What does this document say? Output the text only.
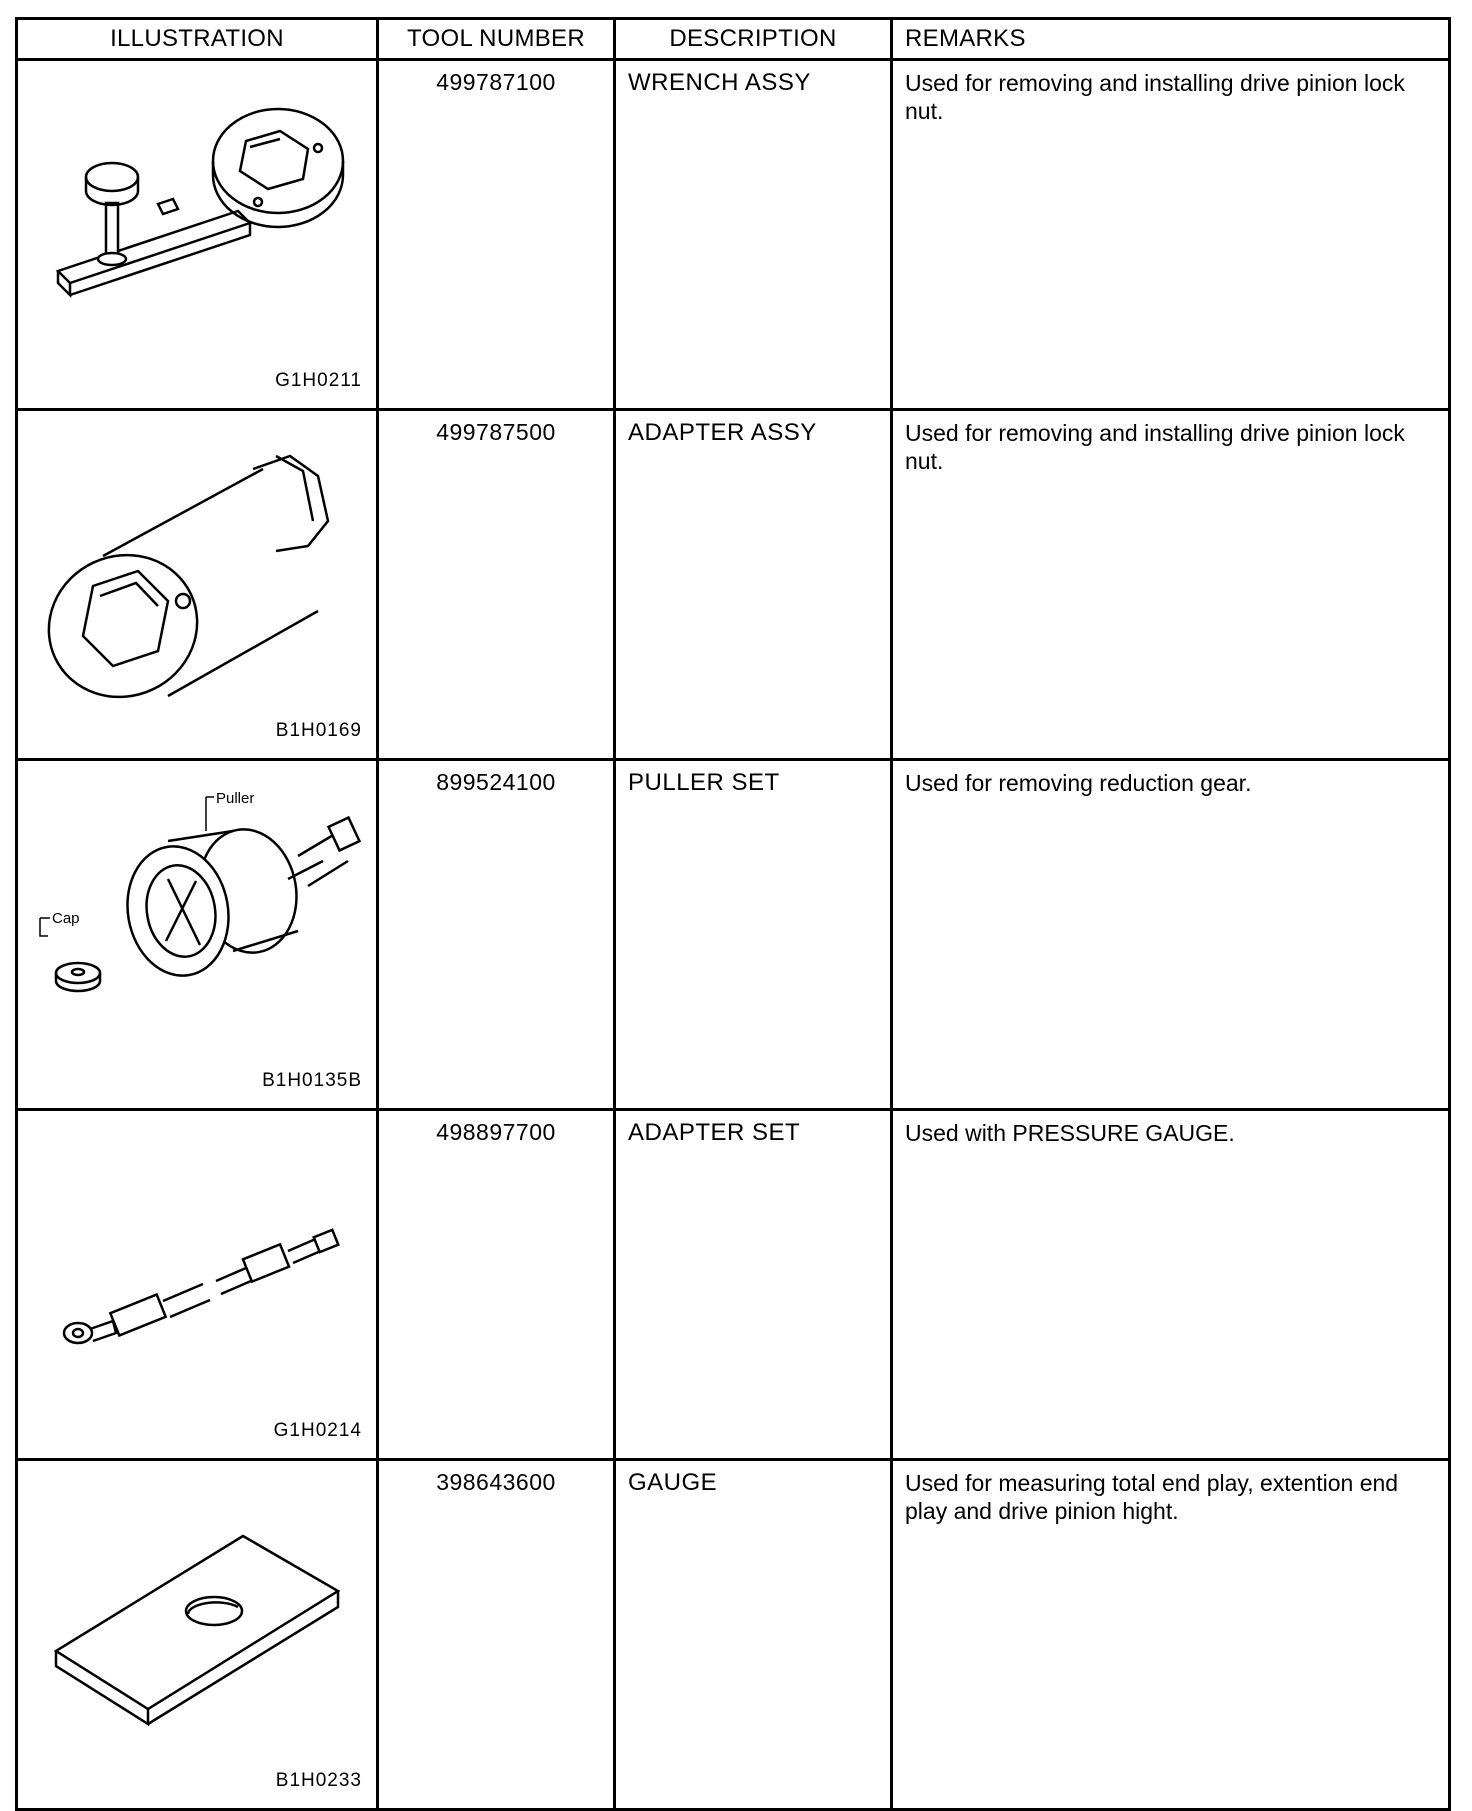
ILLUSTRATION	TOOL NUMBER	DESCRIPTION	REMARKS

G1H0211	499787100	WRENCH ASSY	Used for removing and installing drive pinion lock nut.

B1H0169	499787500	ADAPTER ASSY	Used for removing and installing drive pinion lock nut.

Puller
Cap
B1H0135B	899524100	PULLER SET	Used for removing reduction gear.

G1H0214	498897700	ADAPTER SET	Used with PRESSURE GAUGE.

B1H0233	398643600	GAUGE	Used for measuring total end play, extention end play and drive pinion hight.
